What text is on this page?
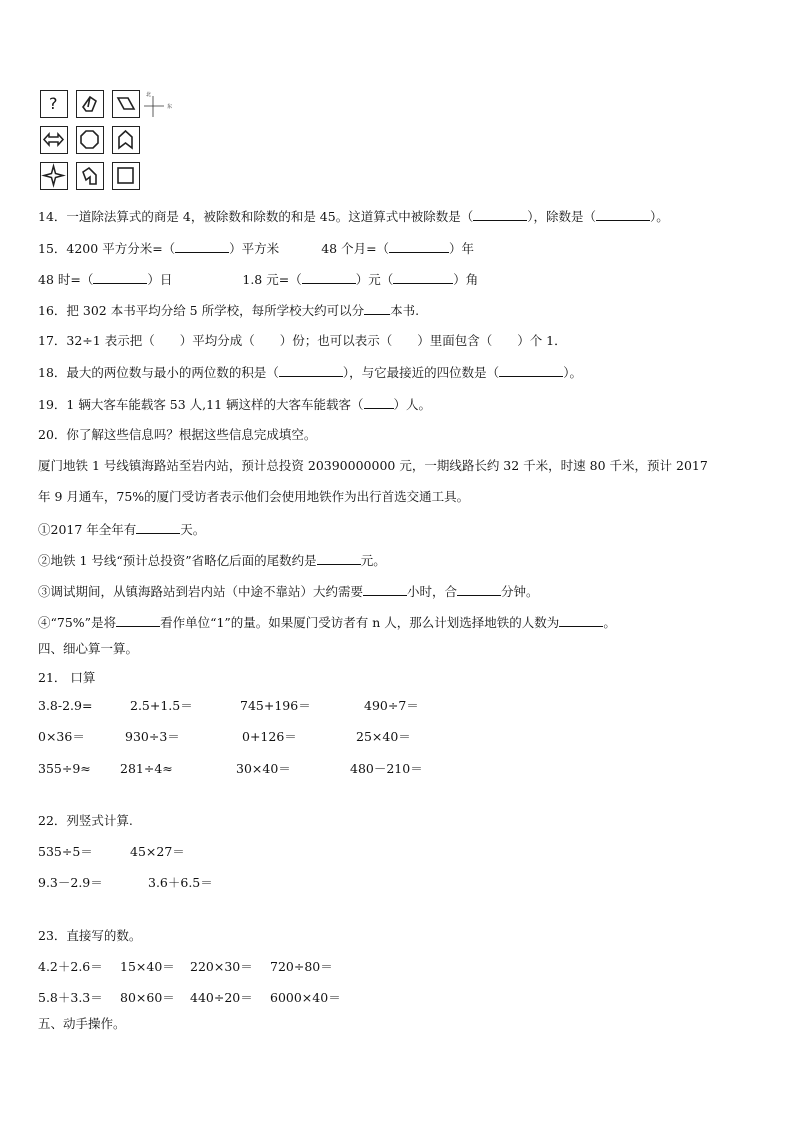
?	北
东
14．一道除法算式的商是 4，被除数和除数的和是 45。这道算式中被除数是（	），除数是（	）。
15．4200 平方分米=（	）平方米	48 个月=（	）年
48 时=（	）日	1.8 元=（	）元（	）角
16．把 302 本书平均分给 5 所学校，每所学校大约可以分 本书.
17．32÷1 表示把（　　）平均分成（　　）份；也可以表示（　　）里面包含（　　）个 1．
18．最大的两位数与最小的两位数的积是（	），与它最接近的四位数是（	）。
19．1 辆大客车能载客 53 人,11 辆这样的大客车能载客（ ）人。
20．你了解这些信息吗？根据这些信息完成填空。
厦门地铁 1 号线镇海路站至岩内站，预计总投资 20390000000 元，一期线路长约 32 千米，时速 80 千米，预计 2017
年 9 月通车，75%的厦门受访者表示他们会使用地铁作为出行首选交通工具。
①2017 年全年有	天。
②地铁 1 号线“预计总投资”省略亿后面的尾数约是	元。
③调试期间，从镇海路站到岩内站（中途不靠站）大约需要	小时，合	分钟。
④“75%”是将	看作单位“1”的量。如果厦门受访者有 n 人，那么计划选择地铁的人数为	。
四、细心算一算。
21． 口算
3.8-2.9=	2.5+1.5＝	745+196＝	490÷7＝
0×36＝	930÷3＝	0+126＝	25×40＝
355÷9≈ 281÷4≈	30×40＝	480－210＝
22．列竖式计算.
535÷5＝	45×27＝
9.3－2.9＝	3.6＋6.5＝
23．直接写的数。
4.2＋2.6＝ 15×40＝ 220×30＝ 720÷80＝
5.8＋3.3＝ 80×60＝ 440÷20＝ 6000×40＝
五、动手操作。
